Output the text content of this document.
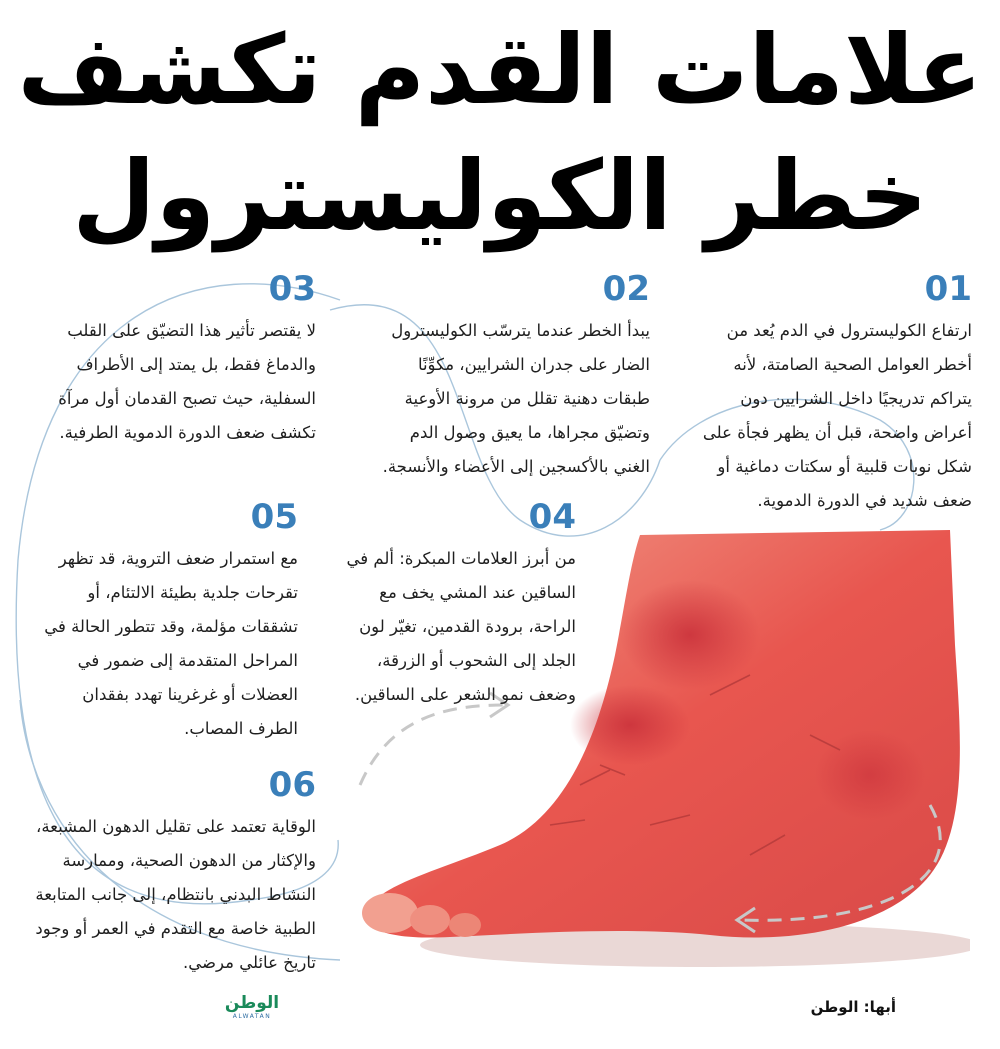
علامات القدم تكشف
خطر الكوليسترول
01
ارتفاع الكوليسترول في الدم يُعد من أخطر العوامل الصحية الصامتة، لأنه يتراكم تدريجيًا داخل الشرايين دون أعراض واضحة، قبل أن يظهر فجأة على شكل نوبات قلبية أو سكتات دماغية أو ضعف شديد في الدورة الدموية.
02
يبدأ الخطر عندما يترسّب الكوليسترول الضار على جدران الشرايين، مكوِّنًا طبقات دهنية تقلل من مرونة الأوعية وتضيّق مجراها، ما يعيق وصول الدم الغني بالأكسجين إلى الأعضاء والأنسجة.
03
لا يقتصر تأثير هذا التضيّق على القلب والدماغ فقط، بل يمتد إلى الأطراف السفلية، حيث تصبح القدمان أول مرآة تكشف ضعف الدورة الدموية الطرفية.
04
من أبرز العلامات المبكرة: ألم في الساقين عند المشي يخف مع الراحة، برودة القدمين، تغيّر لون الجلد إلى الشحوب أو الزرقة، وضعف نمو الشعر على الساقين.
05
مع استمرار ضعف التروية، قد تظهر تقرحات جلدية بطيئة الالتئام، أو تشققات مؤلمة، وقد تتطور الحالة في المراحل المتقدمة إلى ضمور في العضلات أو غرغرينا تهدد بفقدان الطرف المصاب.
06
الوقاية تعتمد على تقليل الدهون المشبعة، والإكثار من الدهون الصحية، وممارسة النشاط البدني بانتظام، إلى جانب المتابعة الطبية خاصة مع التقدم في العمر أو وجود تاريخ عائلي مرضي.
أبها: الوطن
الوطن
ALWATAN
